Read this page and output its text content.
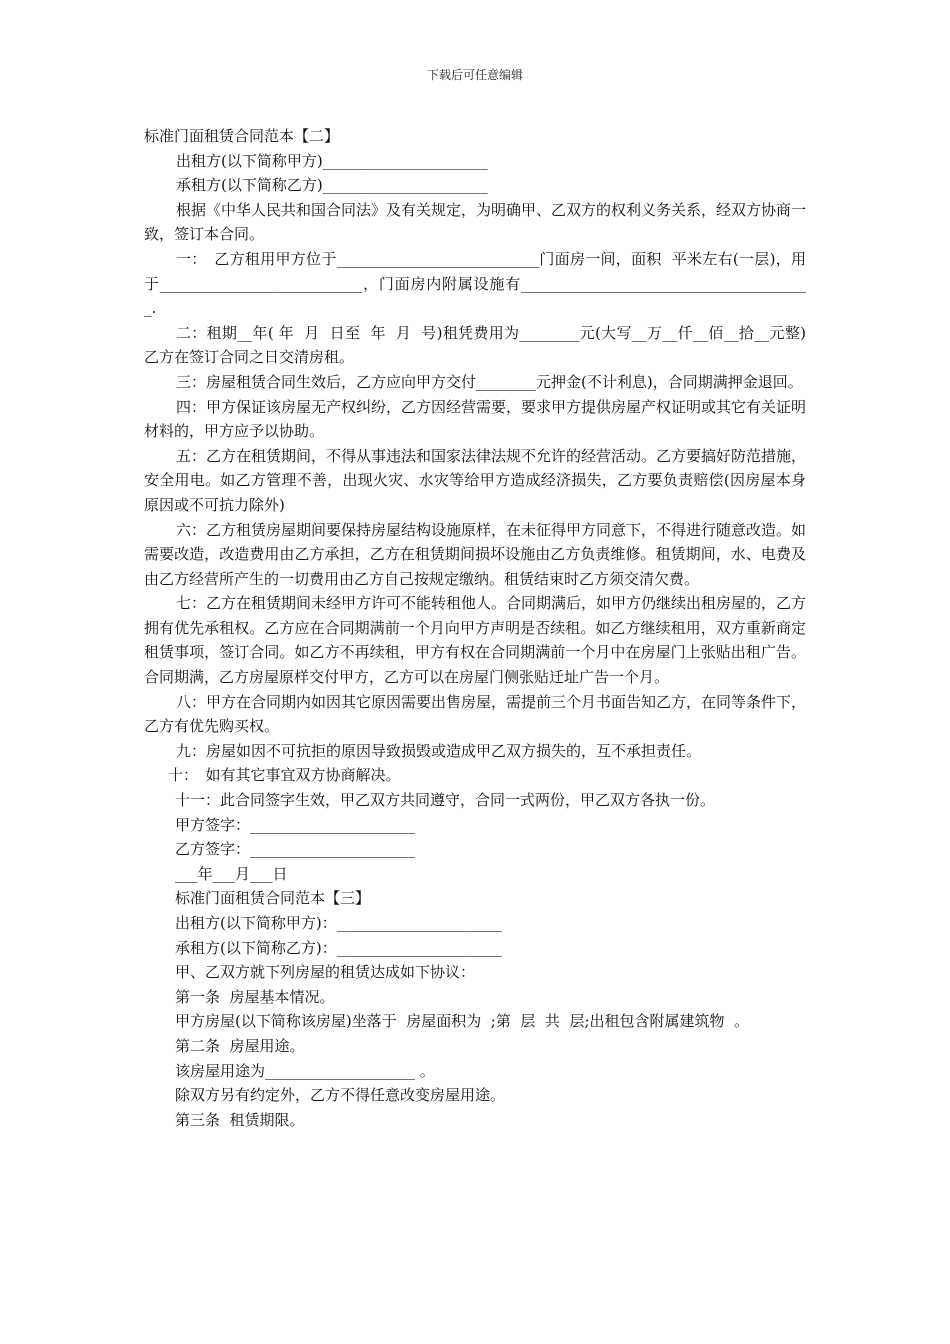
下载后可任意编辑

标准门面租赁合同范本【二】

出租方(以下简称甲方)______________________

承租方(以下简称乙方)______________________

根据《中华人民共和国合同法》及有关规定，为明确甲、乙双方的权利义务关系，经双方协商一致，签订本合同。

一：　乙方租用甲方位于___________________________门面房一间，面积  平米左右(一层)，用于___________________________，门面房内附属设施有_______________________________________.

二：租期__年( 年  月  日至  年  月  号)租凭费用为________元(大写__万__仟__佰__拾__元整)乙方在签订合同之日交清房租。

三：房屋租赁合同生效后，乙方应向甲方交付________元押金(不计利息)，合同期满押金退回。

四：甲方保证该房屋无产权纠纷，乙方因经营需要，要求甲方提供房屋产权证明或其它有关证明材料的，甲方应予以协助。

五：乙方在租赁期间，不得从事违法和国家法律法规不允许的经营活动。乙方要搞好防范措施，安全用电。如乙方管理不善，出现火灾、水灾等给甲方造成经济损失，乙方要负责赔偿(因房屋本身原因或不可抗力除外)

六：乙方租赁房屋期间要保持房屋结构设施原样，在未征得甲方同意下，不得进行随意改造。如需要改造，改造费用由乙方承担，乙方在租赁期间损坏设施由乙方负责维修。租赁期间，水、电费及由乙方经营所产生的一切费用由乙方自己按规定缴纳。租赁结束时乙方须交清欠费。

七：乙方在租赁期间未经甲方许可不能转租他人。合同期满后，如甲方仍继续出租房屋的，乙方拥有优先承租权。乙方应在合同期满前一个月向甲方声明是否续租。如乙方继续租用，双方重新商定租赁事项，签订合同。如乙方不再续租，甲方有权在合同期满前一个月中在房屋门上张贴出租广告。合同期满，乙方房屋原样交付甲方，乙方可以在房屋门侧张贴迁址广告一个月。

八：甲方在合同期内如因其它原因需要出售房屋，需提前三个月书面告知乙方，在同等条件下，乙方有优先购买权。

九：房屋如因不可抗拒的原因导致损毁或造成甲乙双方损失的，互不承担责任。

十：　如有其它事宜双方协商解决。

十一：此合同签字生效，甲乙双方共同遵守，合同一式两份，甲乙双方各执一份。

甲方签字：______________________

乙方签字：______________________

___年___月___日

标准门面租赁合同范本【三】

出租方(以下简称甲方)：______________________

承租方(以下简称乙方)：______________________

甲、乙双方就下列房屋的租赁达成如下协议：

第一条  房屋基本情况。

甲方房屋(以下简称该房屋)坐落于  房屋面积为  ;第  层  共  层;出租包含附属建筑物  。

第二条  房屋用途。

该房屋用途为____________________ 。

除双方另有约定外，乙方不得任意改变房屋用途。

第三条  租赁期限。
